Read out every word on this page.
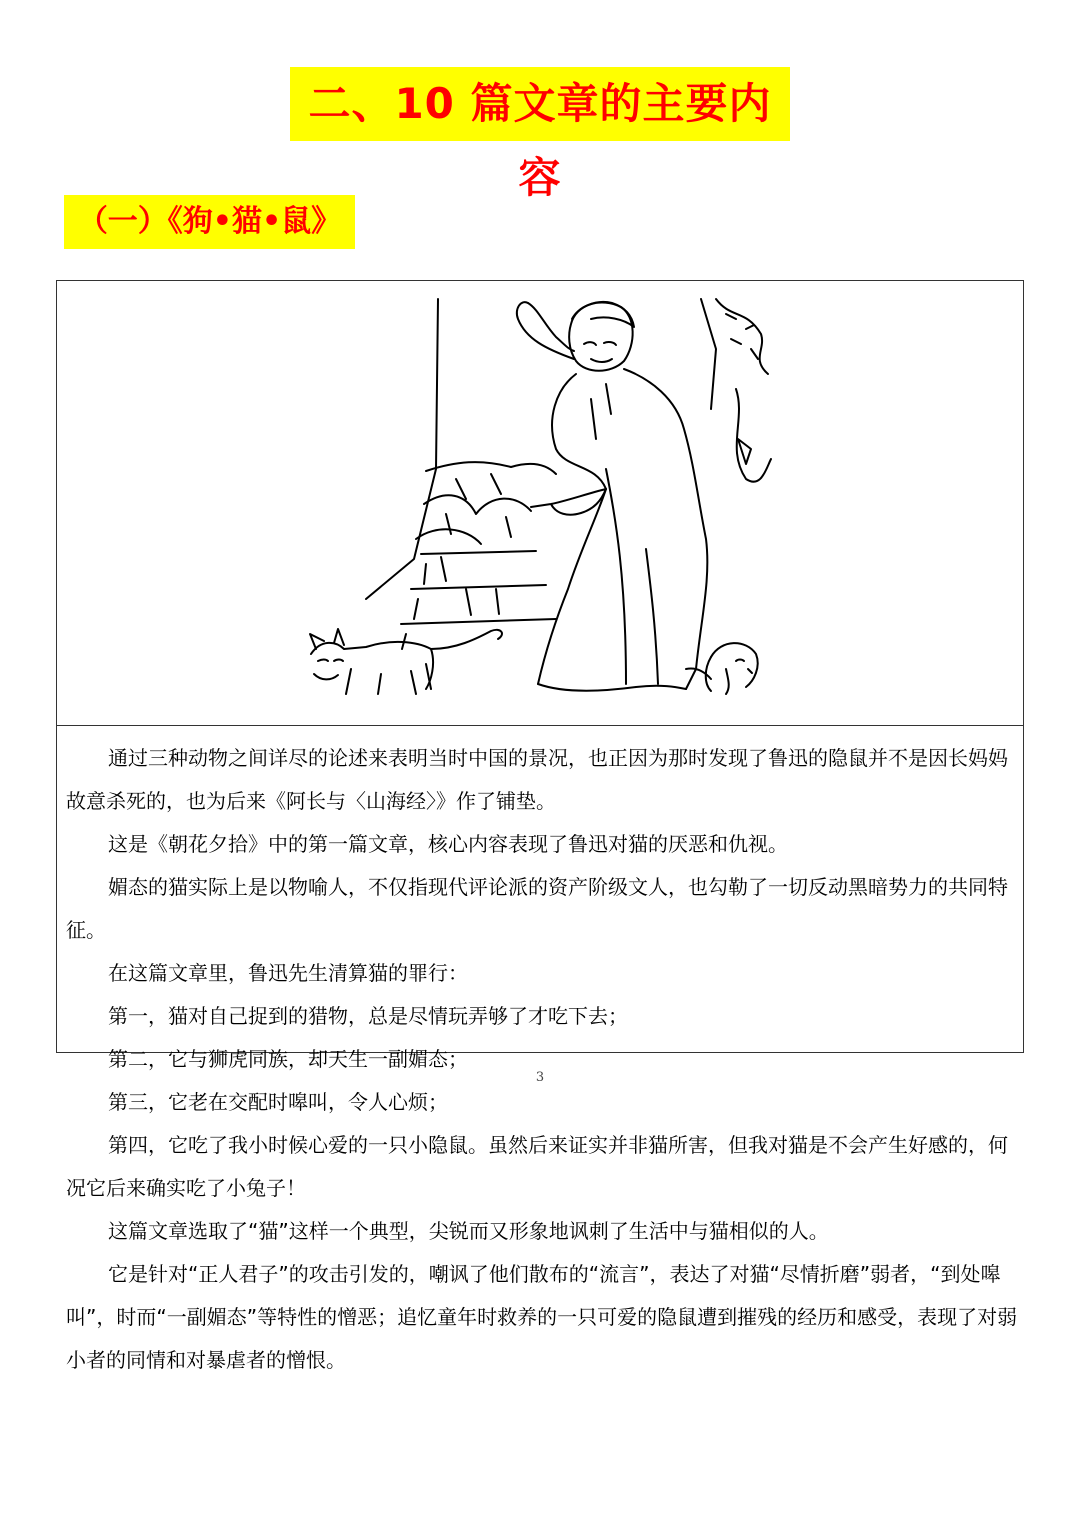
二、10 篇文章的主要内容
（一）《狗•猫•鼠》

通过三种动物之间详尽的论述来表明当时中国的景况，也正因为那时发现了鲁迅的隐鼠并不是因长妈妈故意杀死的，也为后来《阿长与〈山海经〉》作了铺垫。

这是《朝花夕拾》中的第一篇文章，核心内容表现了鲁迅对猫的厌恶和仇视。

媚态的猫实际上是以物喻人，不仅指现代评论派的资产阶级文人，也勾勒了一切反动黑暗势力的共同特征。

在这篇文章里，鲁迅先生清算猫的罪行：

第一，猫对自己捉到的猎物，总是尽情玩弄够了才吃下去；

第二，它与狮虎同族，却天生一副媚态；

第三，它老在交配时嗥叫，令人心烦；

第四，它吃了我小时候心爱的一只小隐鼠。虽然后来证实并非猫所害，但我对猫是不会产生好感的，何况它后来确实吃了小兔子！

这篇文章选取了“猫”这样一个典型，尖锐而又形象地讽刺了生活中与猫相似的人。

它是针对“正人君子”的攻击引发的，嘲讽了他们散布的“流言”，表达了对猫“尽情折磨”弱者，“到处嗥叫”，时而“一副媚态”等特性的憎恶；追忆童年时救养的一只可爱的隐鼠遭到摧残的经历和感受，表现了对弱小者的同情和对暴虐者的憎恨。

3
